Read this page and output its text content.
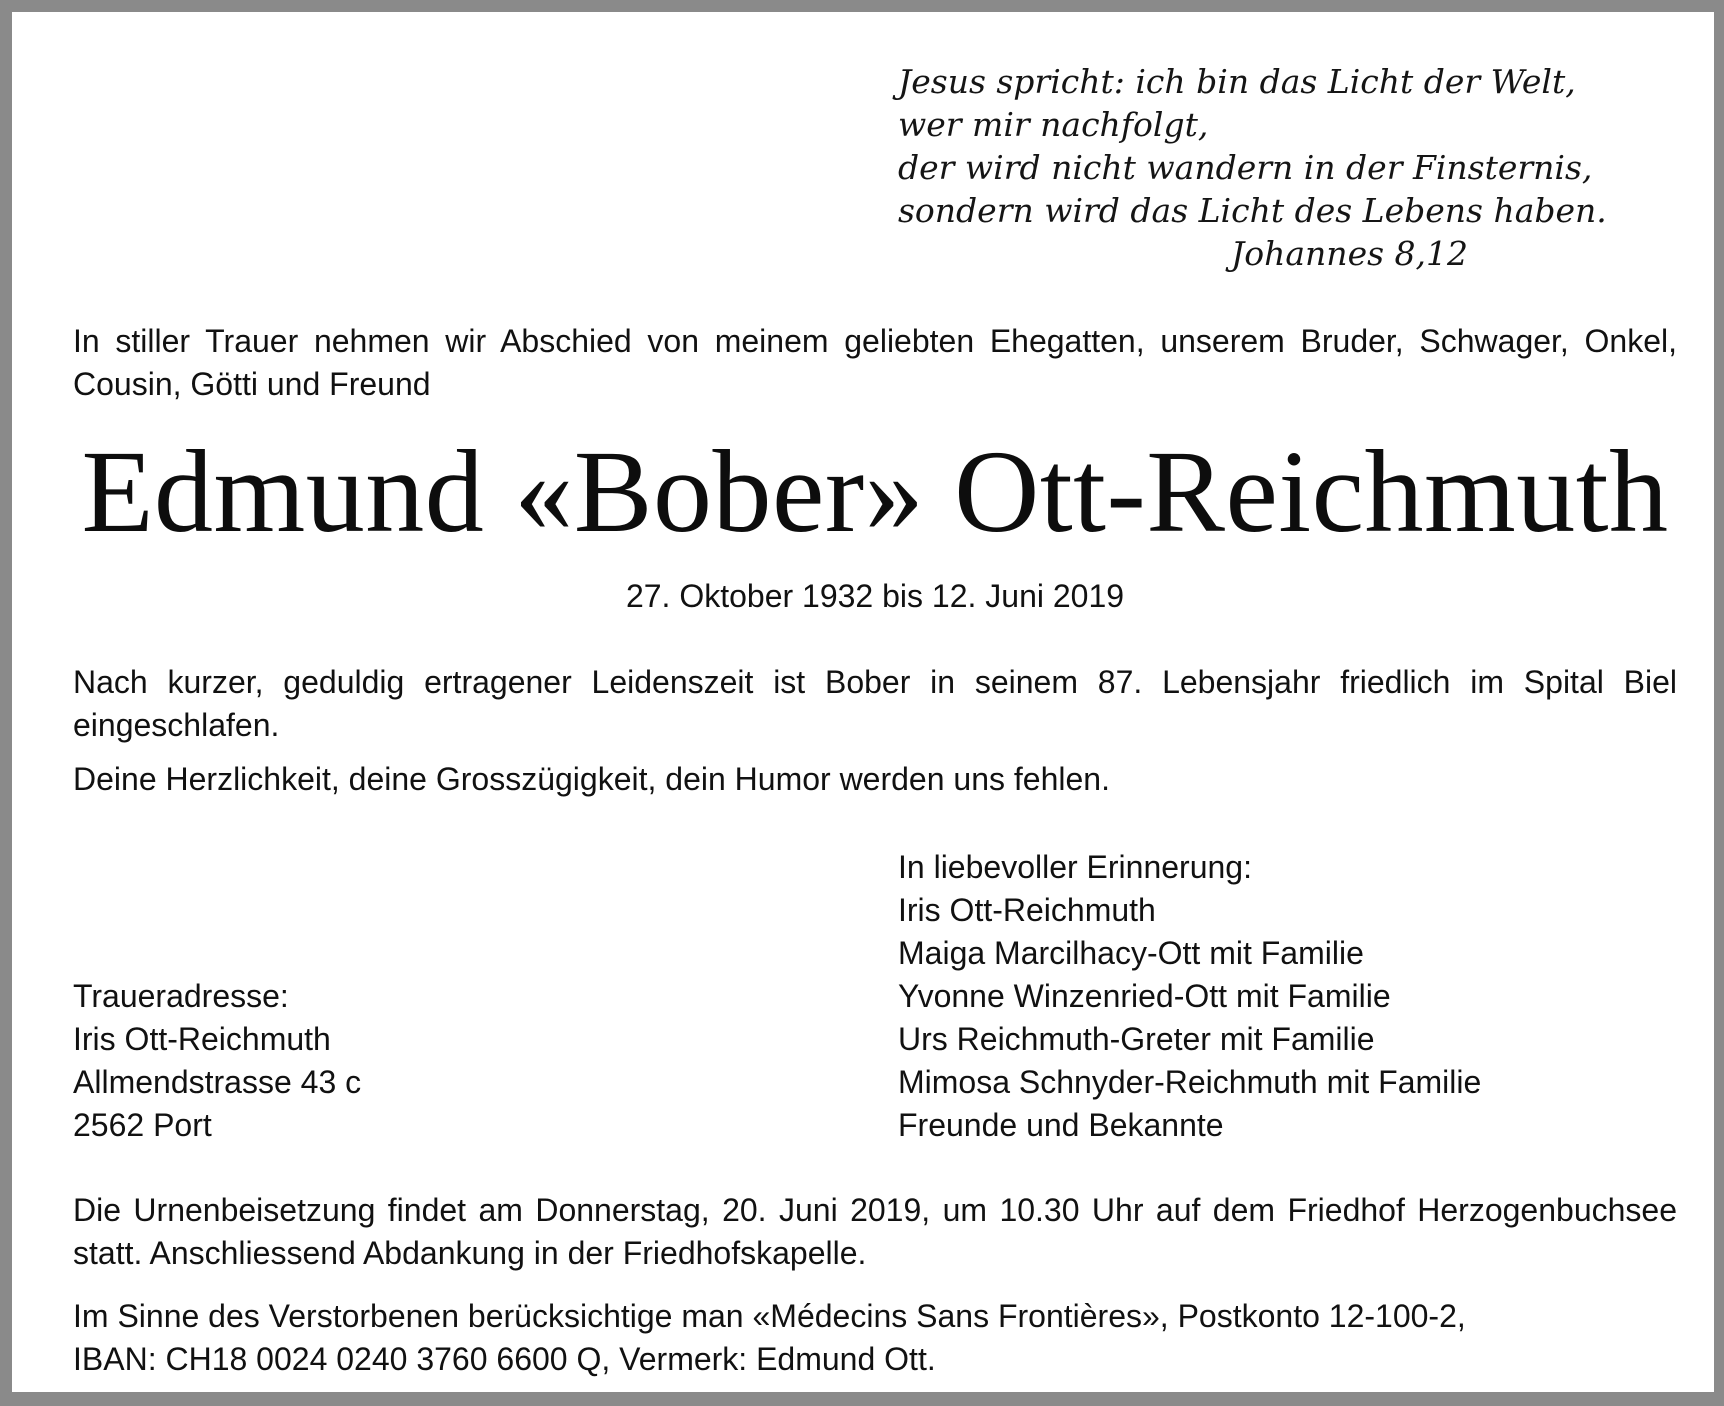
Jesus spricht: ich bin das Licht der Welt,
wer mir nachfolgt,
der wird nicht wandern in der Finsternis,
sondern wird das Licht des Lebens haben.
Johannes 8,12
In stiller Trauer nehmen wir Abschied von meinem geliebten Ehegatten, unserem Bruder, Schwager, Onkel, Cousin, Götti und Freund
Edmund «Bober» Ott-Reichmuth
27. Oktober 1932 bis 12. Juni 2019
Nach kurzer, geduldig ertragener Leidenszeit ist Bober in seinem 87. Lebensjahr friedlich im Spital Biel eingeschlafen.
Deine Herzlichkeit, deine Grosszügigkeit, dein Humor werden uns fehlen.
In liebevoller Erinnerung:
Iris Ott-Reichmuth
Maiga Marcilhacy-Ott mit Familie
Yvonne Winzenried-Ott mit Familie
Urs Reichmuth-Greter mit Familie
Mimosa Schnyder-Reichmuth mit Familie
Freunde und Bekannte
Traueradresse:
Iris Ott-Reichmuth
Allmendstrasse 43 c
2562 Port
Die Urnenbeisetzung findet am Donnerstag, 20. Juni 2019, um 10.30 Uhr auf dem Friedhof Herzogenbuchsee statt. Anschliessend Abdankung in der Friedhofskapelle.
Im Sinne des Verstorbenen berücksichtige man «Médecins Sans Frontières», Postkonto 12-100-2,
IBAN: CH18 0024 0240 3760 6600 Q, Vermerk: Edmund Ott.
